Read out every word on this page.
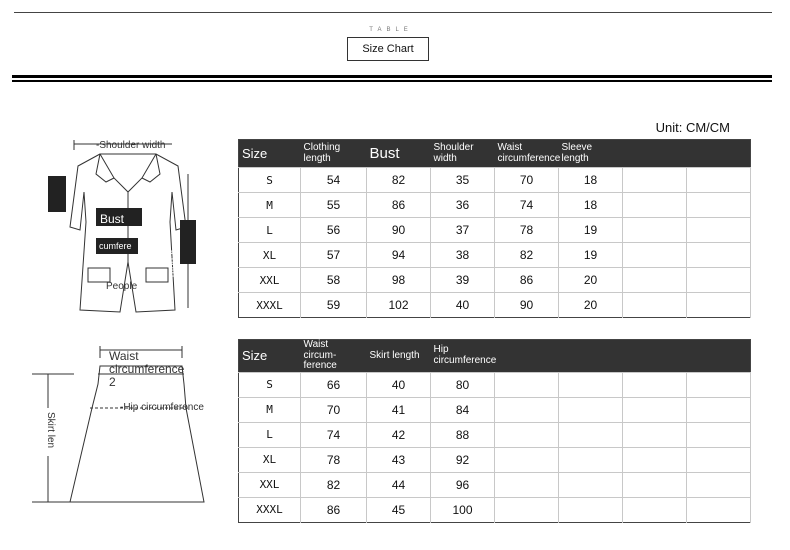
TABLE
Size Chart
Unit: CM/CM
-Shoulder width
Bust
cumfere
length
People
Waist circumference 2
-Hip circumference
Skirt len
Size	Clothing length	Bust	Shoulder width	Waist circumference	Sleeve length		
S	54	82	35	70	18		
M	55	86	36	74	18		
L	56	90	37	78	19		
XL	57	94	38	82	19		
XXL	58	98	39	86	20		
XXXL	59	102	40	90	20		
Size	Waist circum-ference	Skirt length	Hip circumference				
S	66	40	80				
M	70	41	84				
L	74	42	88				
XL	78	43	92				
XXL	82	44	96				
XXXL	86	45	100				
